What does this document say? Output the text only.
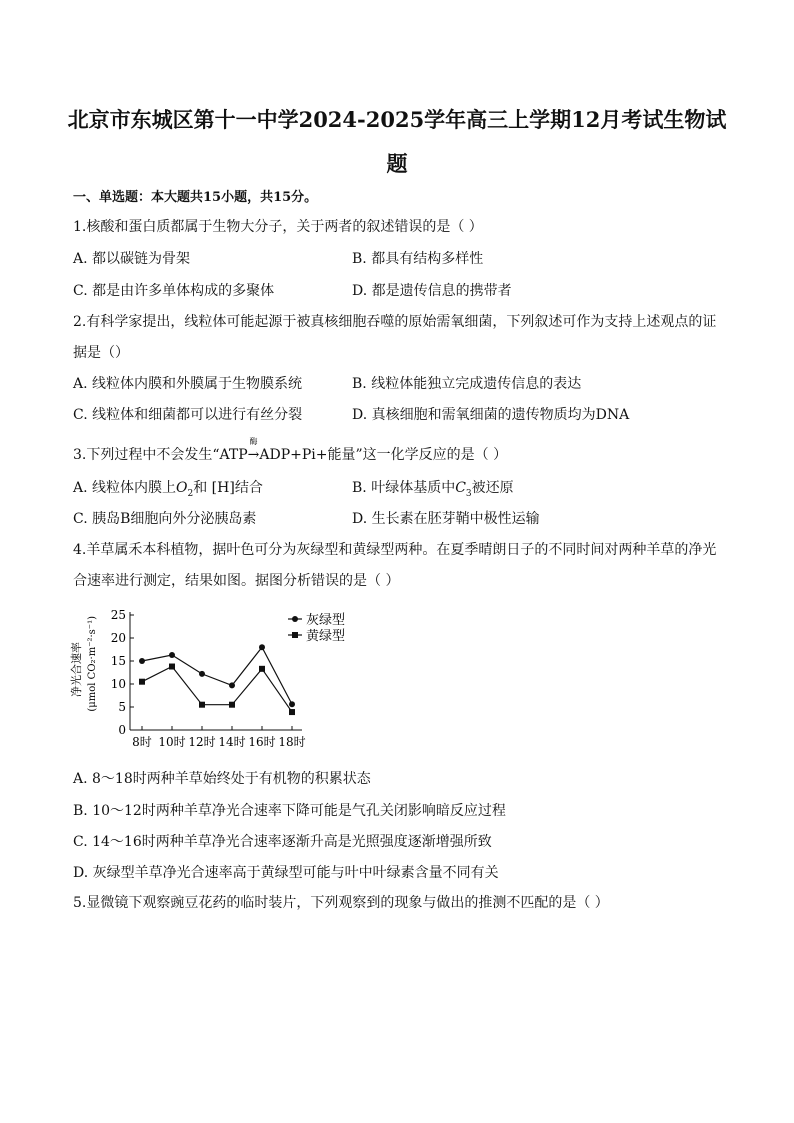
北京市东城区第十一中学2024-2025学年高三上学期12月考试生物试
题
一、单选题：本大题共15小题，共15分。
1.核酸和蛋白质都属于生物大分子，关于两者的叙述错误的是（ ）
A. 都以碳链为骨架	B. 都具有结构多样性
C. 都是由许多单体构成的多聚体	D. 都是遗传信息的携带者
2.有科学家提出，线粒体可能起源于被真核细胞吞噬的原始需氧细菌，下列叙述可作为支持上述观点的证
据是（）
A. 线粒体内膜和外膜属于生物膜系统	B. 线粒体能独立完成遗传信息的表达
C. 线粒体和细菌都可以进行有丝分裂	D. 真核细胞和需氧细菌的遗传物质均为DNA
3.下列过程中不会发生“ATP
酶
→ADP+Pi+能量”这一化学反应的是（ ）
A. 线粒体内膜上$O_2$和 [H]结合	B. 叶绿体基质中$C_3$被还原
C. 胰岛B细胞向外分泌胰岛素	D. 生长素在胚芽鞘中极性运输
4.羊草属禾本科植物，据叶色可分为灰绿型和黄绿型两种。在夏季晴朗日子的不同时间对两种羊草的净光
合速率进行测定，结果如图。据图分析错误的是（ ）
净光合速率 (μmol CO₂·m⁻²·s⁻¹)
0
5
10
15
20
25
8时 10时 12时 14时 16时 18时
灰绿型
黄绿型
A. 8～18时两种羊草始终处于有机物的积累状态
B. 10～12时两种羊草净光合速率下降可能是气孔关闭影响暗反应过程
C. 14～16时两种羊草净光合速率逐渐升高是光照强度逐渐增强所致
D. 灰绿型羊草净光合速率高于黄绿型可能与叶中叶绿素含量不同有关
5.显微镜下观察豌豆花药的临时装片，下列观察到的现象与做出的推测不匹配的是（ ）
